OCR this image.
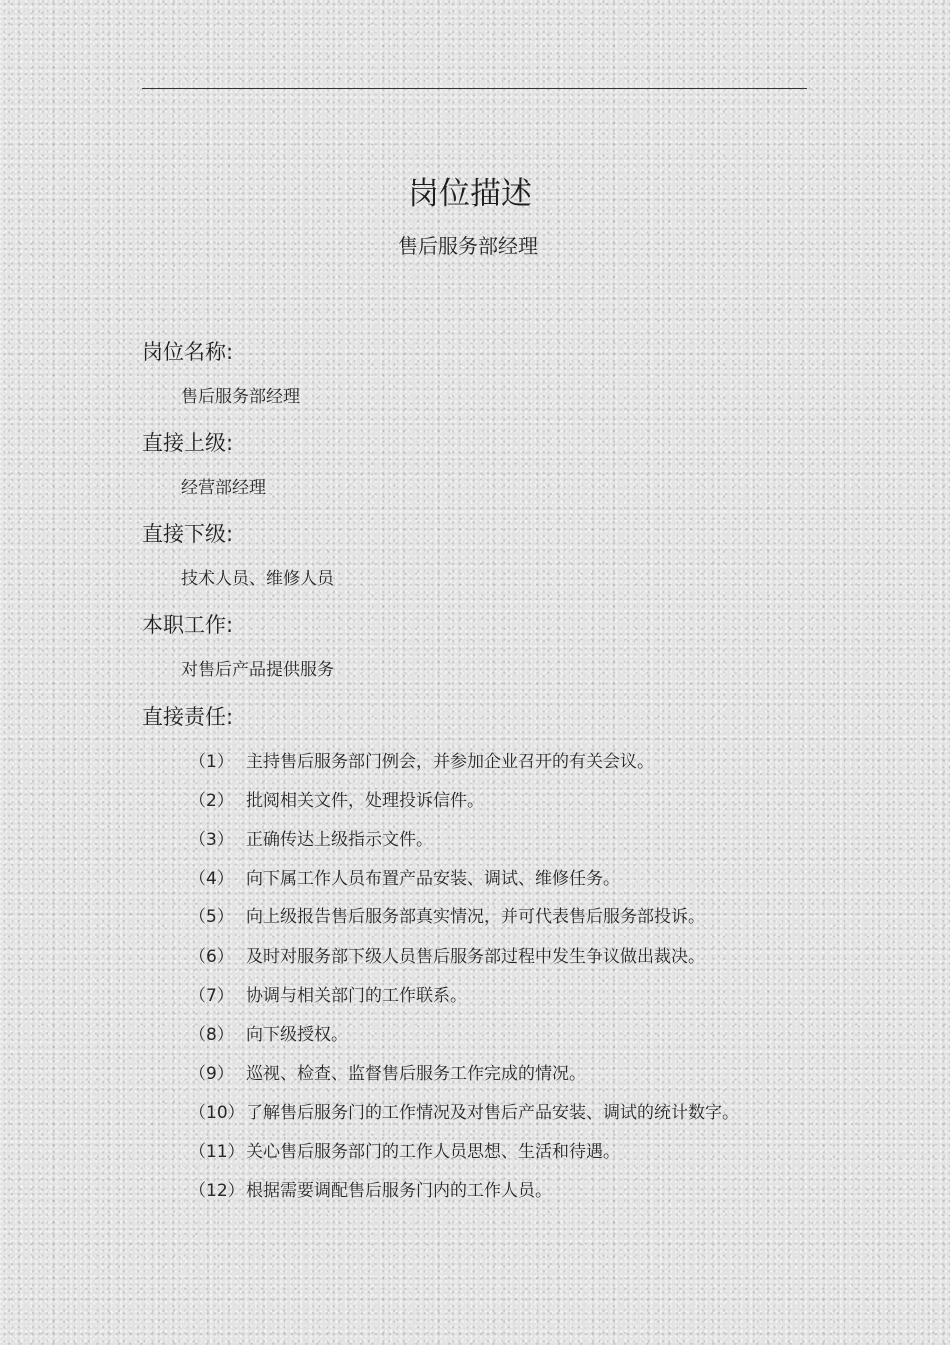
岗位描述
售后服务部经理
岗位名称:
售后服务部经理
直接上级:
经营部经理
直接下级:
技术人员、维修人员
本职工作:
对售后产品提供服务
直接责任:
（1） 主持售后服务部门例会，并参加企业召开的有关会议。
（2） 批阅相关文件，处理投诉信件。
（3） 正确传达上级指示文件。
（4） 向下属工作人员布置产品安装、调试、维修任务。
（5） 向上级报告售后服务部真实情况，并可代表售后服务部投诉。
（6） 及时对服务部下级人员售后服务部过程中发生争议做出裁决。
（7） 协调与相关部门的工作联系。
（8） 向下级授权。
（9） 巡视、检查、监督售后服务工作完成的情况。
（10）了解售后服务门的工作情况及对售后产品安装、调试的统计数字。
（11）关心售后服务部门的工作人员思想、生活和待遇。
（12）根据需要调配售后服务门内的工作人员。
